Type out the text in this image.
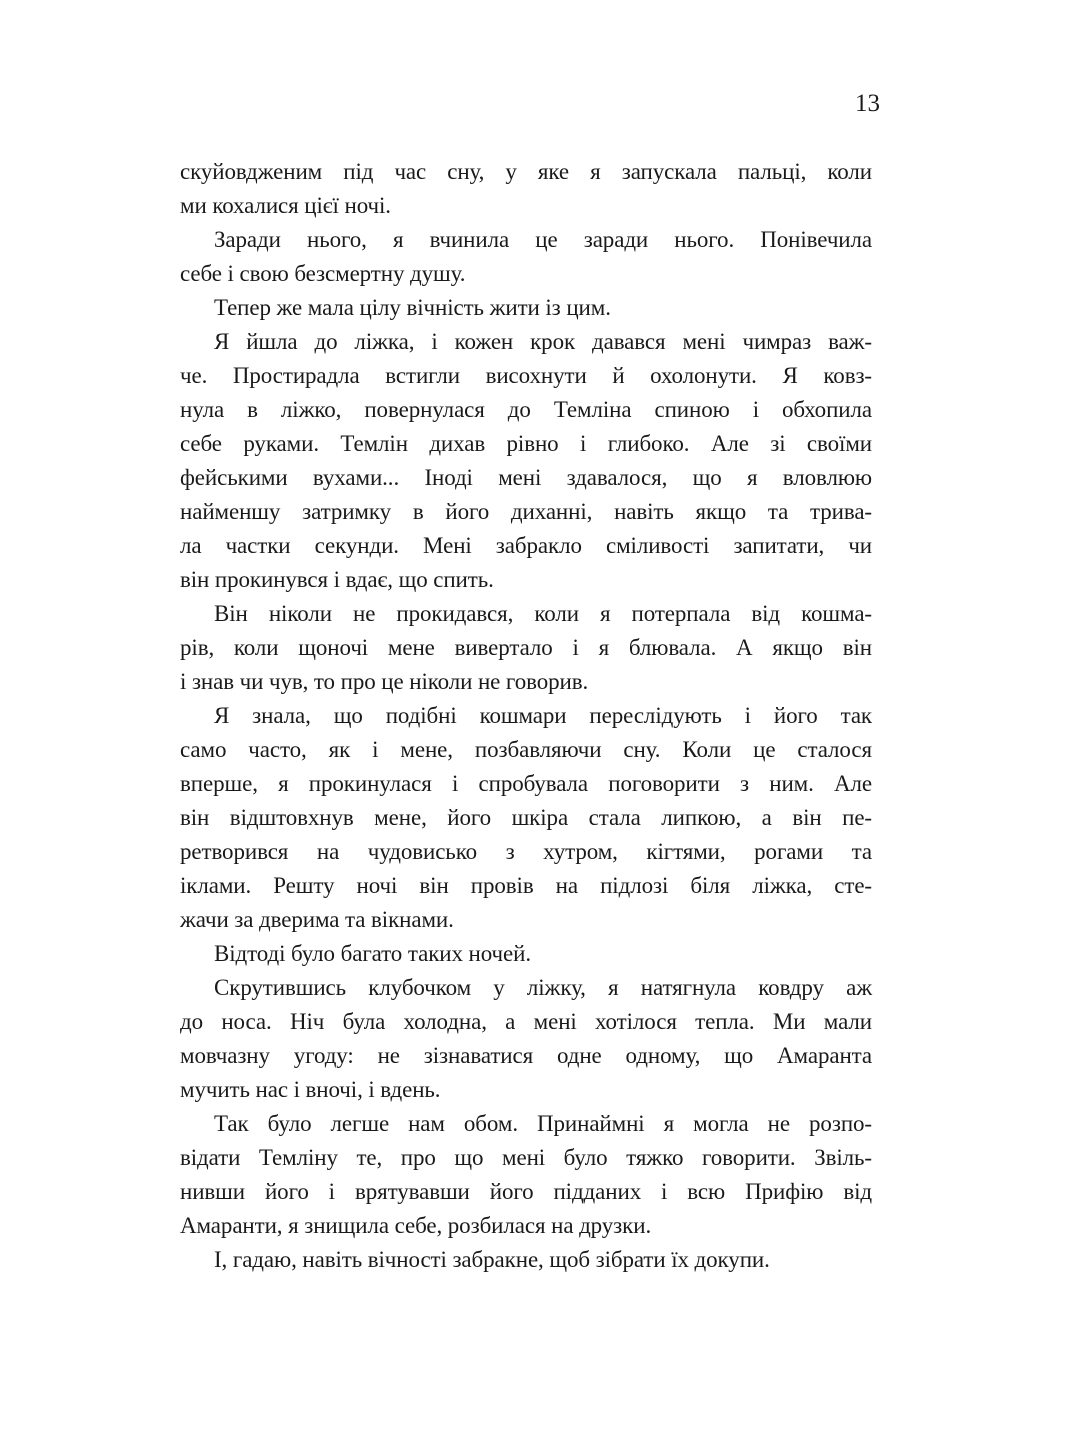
13
скуйовдженим під час сну, у яке я запускала пальці, коли
ми кохалися цієї ночі.
Заради нього, я вчинила це заради нього. Понівечила
себе і свою безсмертну душу.
Тепер же мала цілу вічність жити із цим.
Я йшла до ліжка, і кожен крок давався мені чимраз важ-
че. Простирадла встигли висохнути й охолонути. Я ковз-
нула в ліжко, повернулася до Темліна спиною і обхопила
себе руками. Темлін дихав рівно і глибоко. Але зі своїми
фейськими вухами... Іноді мені здавалося, що я вловлюю
найменшу затримку в його диханні, навіть якщо та трива-
ла частки секунди. Мені забракло сміливості запитати, чи
він прокинувся і вдає, що спить.
Він ніколи не прокидався, коли я потерпала від кошма-
рів, коли щоночі мене вивертало і я блювала. А якщо він
і знав чи чув, то про це ніколи не говорив.
Я знала, що подібні кошмари переслідують і його так
само часто, як і мене, позбавляючи сну. Коли це сталося
вперше, я прокинулася і спробувала поговорити з ним. Але
він відштовхнув мене, його шкіра стала липкою, а він пе-
ретворився на чудовисько з хутром, кігтями, рогами та
іклами. Решту ночі він провів на підлозі біля ліжка, сте-
жачи за дверима та вікнами.
Відтоді було багато таких ночей.
Скрутившись клубочком у ліжку, я натягнула ковдру аж
до носа. Ніч була холодна, а мені хотілося тепла. Ми мали
мовчазну угоду: не зізнаватися одне одному, що Амаранта
мучить нас і вночі, і вдень.
Так було легше нам обом. Принаймні я могла не розпо-
відати Темліну те, про що мені було тяжко говорити. Звіль-
нивши його і врятувавши його підданих і всю Прифію від
Амаранти, я знищила себе, розбилася на друзки.
І, гадаю, навіть вічності забракне, щоб зібрати їх докупи.
